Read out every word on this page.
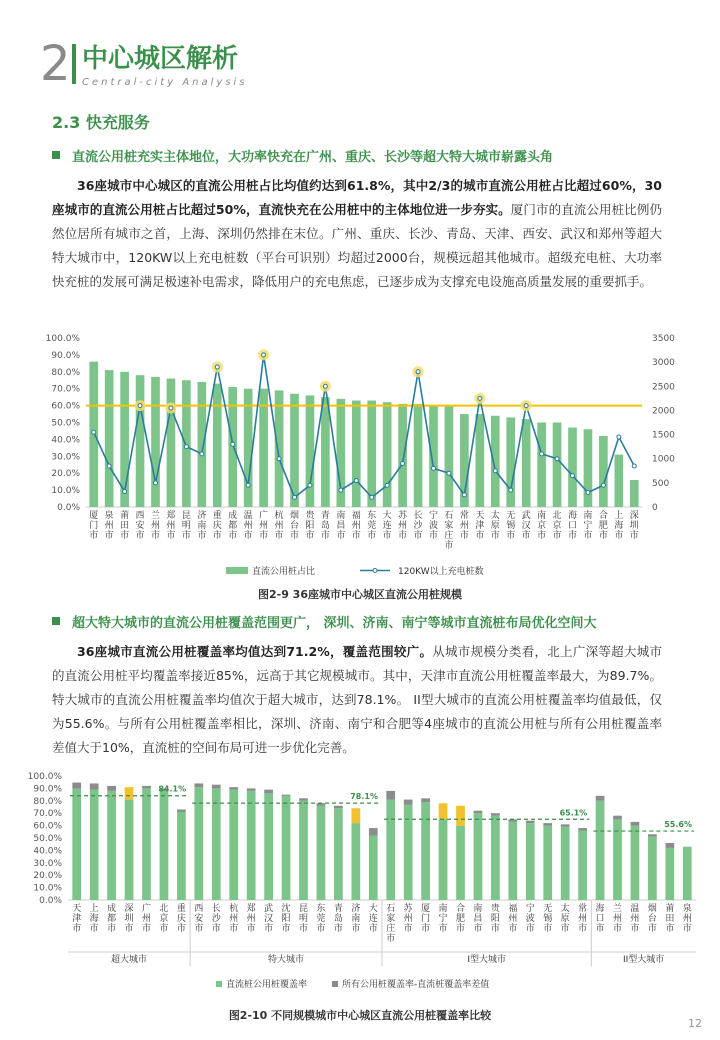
2 中心城区解析
Central-city Analysis
2.3 快充服务
直流公用桩充实主体地位，大功率快充在广州、重庆、长沙等超大特大城市崭露头角
36座城市中心城区的直流公用桩占比均值约达到61.8%，其中2/3的城市直流公用桩占比超过60%，30座城市的直流公用桩占比超过50%，直流快充在公用桩中的主体地位进一步夯实。厦门市的直流公用桩比例仍然位居所有城市之首，上海、深圳仍然排在末位。广州、重庆、长沙、青岛、天津、西安、武汉和郑州等超大特大城市中，120KW以上充电桩数（平台可识别）均超过2000台，规模远超其他城市。超级充电桩、大功率快充桩的发展可满足极速补电需求，降低用户的充电焦虑，已逐步成为支撑充电设施高质量发展的重要抓手。
0.0%
10.0%
20.0%
30.0%
40.0%
50.0%
60.0%
70.0%
80.0%
90.0%
100.0%
0
500
1000
1500
2000
2500
3000
3500
厦门市
泉州市
莆田市
西安市
兰州市
郑州市
昆明市
济南市
重庆市
成都市
温州市
广州市
杭州市
烟台市
贵阳市
青岛市
南昌市
福州市
东莞市
大连市
苏州市
长沙市
宁波市
石家庄市
常州市
天津市
太原市
无锡市
武汉市
南京市
北京市
海口市
南宁市
合肥市
上海市
深圳市
直流公用桩占比	120KW以上充电桩数
图2-9 36座城市中心城区直流公用桩规模
超大特大城市的直流公用桩覆盖范围更广， 深圳、济南、南宁等城市直流桩布局优化空间大
36座城市直流公用桩覆盖率均值达到71.2%，覆盖范围较广。从城市规模分类看，北上广深等超大城市的直流公用桩平均覆盖率接近85%，远高于其它规模城市。其中，天津市直流公用桩覆盖率最大，为89.7%。特大城市的直流公用桩覆盖率均值次于超大城市，达到78.1%。 II型大城市的直流公用桩覆盖率均值最低，仅为55.6%。与所有公用桩覆盖率相比，深圳、济南、南宁和合肥等4座城市的直流公用桩与所有公用桩覆盖率差值大于10%，直流桩的空间布局可进一步优化完善。
0.0%
10.0%
20.0%
30.0%
40.0%
50.0%
60.0%
70.0%
80.0%
90.0%
100.0%
84.1%
78.1%
65.1%
55.6%
天津市
上海市
成都市
深圳市
广州市
北京市
重庆市
西安市
长沙市
杭州市
郑州市
武汉市
沈阳市
昆明市
东莞市
青岛市
济南市
大连市
石家庄市
苏州市
厦门市
南宁市
合肥市
南昌市
贵阳市
福州市
宁波市
无锡市
太原市
常州市
海口市
兰州市
温州市
烟台市
莆田市
泉州市
超大城市	特大城市	I型大城市	II型大城市
直流桩公用桩覆盖率	所有公用桩覆盖率-直流桩覆盖率差值
图2-10 不同规模城市中心城区直流公用桩覆盖率比较
12
